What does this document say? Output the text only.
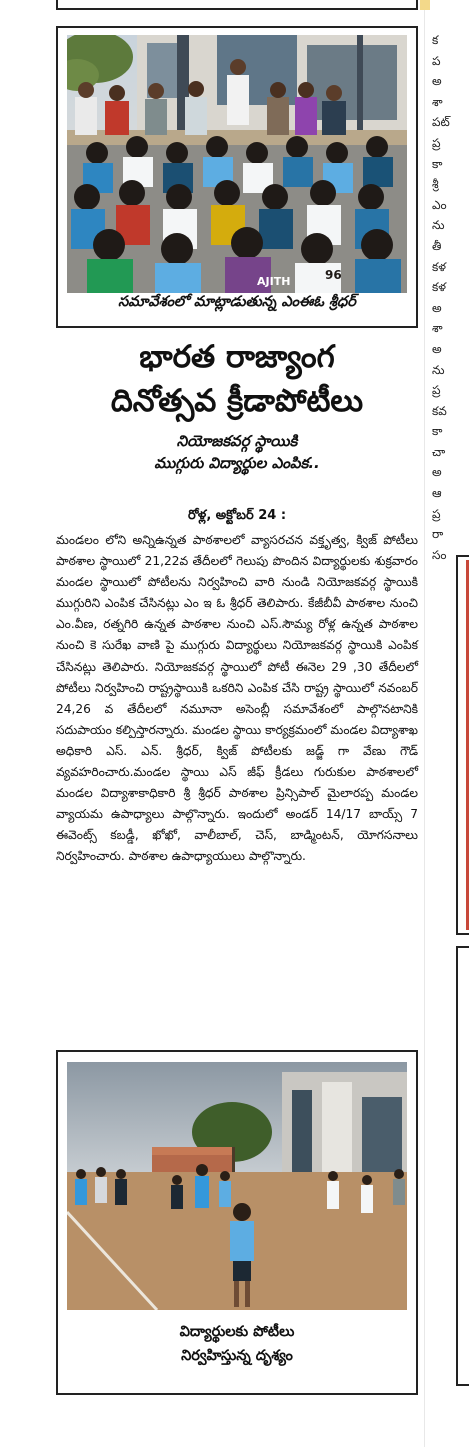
AJITH	96
సమావేశంలో మాట్లాడుతున్న ఎంఈఓ శ్రీధర్
భారత రాజ్యాంగ
దినోత్సవ క్రీడాపోటీలు
నియోజకవర్గ స్థాయికి
ముగ్గురు విద్యార్థుల ఎంపిక..
రోళ్ల, అక్టోబర్ 24 :

మండలం లోని అన్నిఉన్నత పాఠశాలలో వ్యాసరచన వక్తృత్వ, క్విజ్ పోటీలు పాఠశాల స్థాయిలో 21,22వ తేదీలలో గెలుపు పొందిన విద్యార్థులకు శుక్రవారం మండల స్థాయిలో పోటీలను నిర్వహించి వారి నుండి నియోజకవర్గ స్థాయికి ముగ్గురిని ఎంపిక చేసినట్లు ఎం ఇ ఓ శ్రీధర్ తెలిపారు. కేజీబీవీ పాఠశాల నుంచి ఎం.వీణ, రత్నగిరి ఉన్నత పాఠశాల నుంచి ఎస్.సౌమ్య రోళ్ల ఉన్నత పాఠశాల నుంచి కె సురేఖ వాణి పై ముగ్గురు విద్యార్థులు నియోజకవర్గ స్థాయికి ఎంపిక చేసినట్లు తెలిపారు. నియోజకవర్గ స్థాయిలో పోటీ ఈనెల 29 ,30 తేదీలలో పోటీలు నిర్వహించి రాష్ట్రస్థాయికి ఒకరిని ఎంపిక చేసి రాష్ట్ర స్థాయిలో నవంబర్ 24,26 వ తేదీలలో నమూనా అసెంబ్లీ సమావేశంలో పాల్గొనటానికి సదుపాయం కల్పిస్తారన్నారు. మండల స్థాయి కార్యక్రమంలో మండల విద్యాశాఖ అధికారి ఎస్. ఎన్. శ్రీధర్, క్విజ్ పోటీలకు జడ్జ్ గా వేణు గౌడ్ వ్యవహరించారు.మండల స్థాయి ఎస్ జీఫ్ క్రీడలు గురుకుల పాఠశాలలో మండల విద్యాశాకాధికారి శ్రీ శ్రీధర్ పాఠశాల ప్రిన్సిపాల్ మైలారప్ప మండల వ్యాయమ ఉపాధ్యాలు పాల్గొన్నారు. ఇందులో అండర్ 14/17 బాయ్స్ 7 ఈవెంట్స్ కబడ్డీ, ఖోఖో, వాలీబాల్, చెస్, బాడ్మింటన్, యోగసనాలు నిర్వహించారు. పాఠశాల ఉపాధ్యాయులు పాల్గొన్నారు.

విద్యార్థులకు పోటీలు
నిర్వహిస్తున్న దృశ్యం
క
ప
అ
శా
పట్
ప్ర
కా
శ్రీ
ఎం
ను
తీ
కళ
కళ
అ
శా
అ
ను
ప్ర
కవ
కా
చా
అ
ఆ
ప్ర
రా
సం
